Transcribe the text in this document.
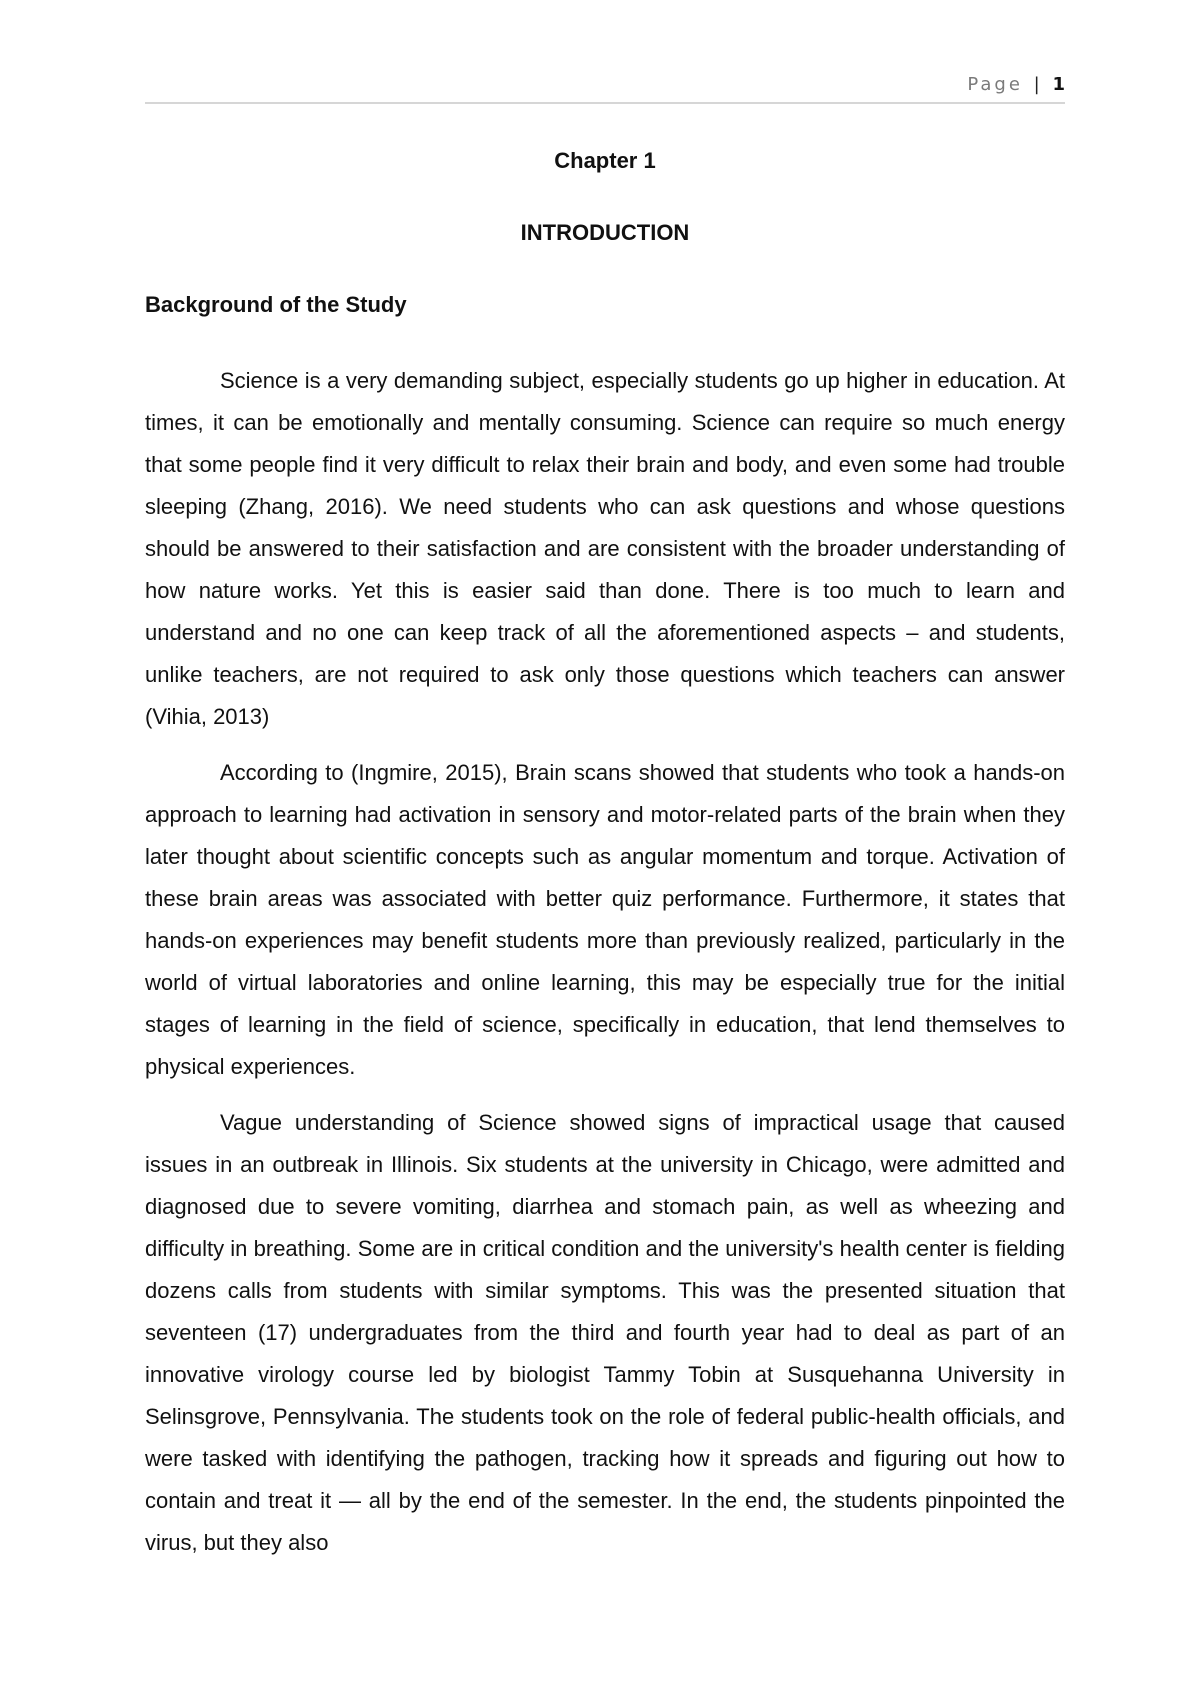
Page | 1
Chapter 1
INTRODUCTION
Background of the Study

Science is a very demanding subject, especially students go up higher in education. At times, it can be emotionally and mentally consuming. Science can require so much energy that some people find it very difficult to relax their brain and body, and even some had trouble sleeping (Zhang, 2016). We need students who can ask questions and whose questions should be answered to their satisfaction and are consistent with the broader understanding of how nature works. Yet this is easier said than done. There is too much to learn and understand and no one can keep track of all the aforementioned aspects – and students, unlike teachers, are not required to ask only those questions which teachers can answer (Vihia, 2013)

According to (Ingmire, 2015), Brain scans showed that students who took a hands-on approach to learning had activation in sensory and motor-related parts of the brain when they later thought about scientific concepts such as angular momentum and torque. Activation of these brain areas was associated with better quiz performance. Furthermore, it states that hands-on experiences may benefit students more than previously realized, particularly in the world of virtual laboratories and online learning, this may be especially true for the initial stages of learning in the field of science, specifically in education, that lend themselves to physical experiences.

Vague understanding of Science showed signs of impractical usage that caused issues in an outbreak in Illinois. Six students at the university in Chicago, were admitted and diagnosed due to severe vomiting, diarrhea and stomach pain, as well as wheezing and difficulty in breathing. Some are in critical condition and the university's health center is fielding dozens calls from students with similar symptoms. This was the presented situation that seventeen (17) undergraduates from the third and fourth year had to deal as part of an innovative virology course led by biologist Tammy Tobin at Susquehanna University in Selinsgrove, Pennsylvania. The students took on the role of federal public-health officials, and were tasked with identifying the pathogen, tracking how it spreads and figuring out how to contain and treat it — all by the end of the semester. In the end, the students pinpointed the virus, but they also
